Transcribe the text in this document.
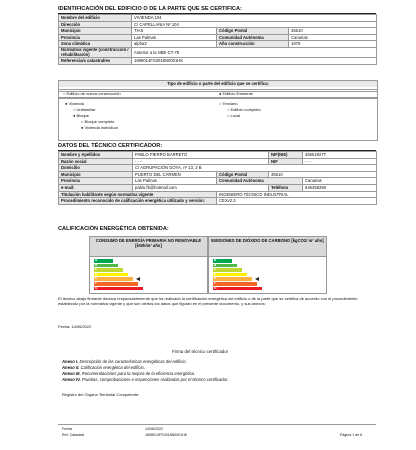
IDENTIFICACIÓN DEL EDIFICIO O DE LA PARTE QUE SE CERTIFICA:
Nombre del edificio	VIVIENDA 104		
Dirección	C/ CAPELLANIA Nº 104		
Municipio	TIAS	Código Postal	35510
Provincia	Las Palmas	Comunidad Autónoma	Canarias
Zona climática	alpha3	Año construcción	1978
Normativa vigente (construcción / rehabilitación)	Anterior a la NBE-CT-79		
Referencia/s catastral/es	1898014FS3018N0001HK		
Tipo de edificio o parte del edificio que se certifica:
○ Edificio de nueva construcción	● Edificio Existente
● Vivienda
○ Unifamiliar
● Bloque
○ Bloque completo
● Vivienda individual
○ Terciario
○ Edificio completo
○ Local
DATOS DEL TÉCNICO CERTIFICADOR:
Nombre y Apellidos	PABLO PIERRO BARRETO		NIF(NIE)	45551927T
Razón social	- - -		NIF	- - -
Domicilio	C/ AGRUPACIÓN GOYA, nº 13, 2 B			
Municipio	PUERTO DEL CARMEN	Código Postal	35510	
Provincia	Las Palmas	Comunidad Autónoma		Canarias
e-mail:	pablo.fb@hotmail.com		Teléfono	646458266
Titulación habilitante según normativa vigente		INGENIERO TÉCNICO INDUSTRIAL		
Procedimiento reconocido de calificación energética utilizado y versión:		CEXv2.3		
CALIFICACIÓN ENERGÉTICA OBTENIDA:
CONSUMO DE ENERGÍA PRIMARIA NO RENOVABLE [kWh/m² año]
A
B
C
D
E
F
G
EMISIONES DE DIÓXIDO DE CARBONO [kgCO2/ m² año]
A
B
C
D
E
F
G
El técnico abajo firmante declara responsablemente que ha realizado la certificación energética del edificio o de la parte que se certifica de acuerdo con el procedimiento establecido por la normativa vigente y que son ciertos los datos que figuran en el presente documento, y sus anexos:
Fecha: 14/06/2022
Firma del técnico certificador
Anexo I. Descripción de las características energéticas del edificio.
Anexo II. Calificación energética del edificio.
Anexo III. Recomendaciones para la mejora de la eficiencia energética.
Anexo IV. Pruebas, comprobaciones e inspecciones realizadas por el técnico certificador.
Registro del Órgano Territorial Competente:
Fecha	14/06/2022
Ref. Catastral	1898014FS3018N0001HK	Página 1 de 6
